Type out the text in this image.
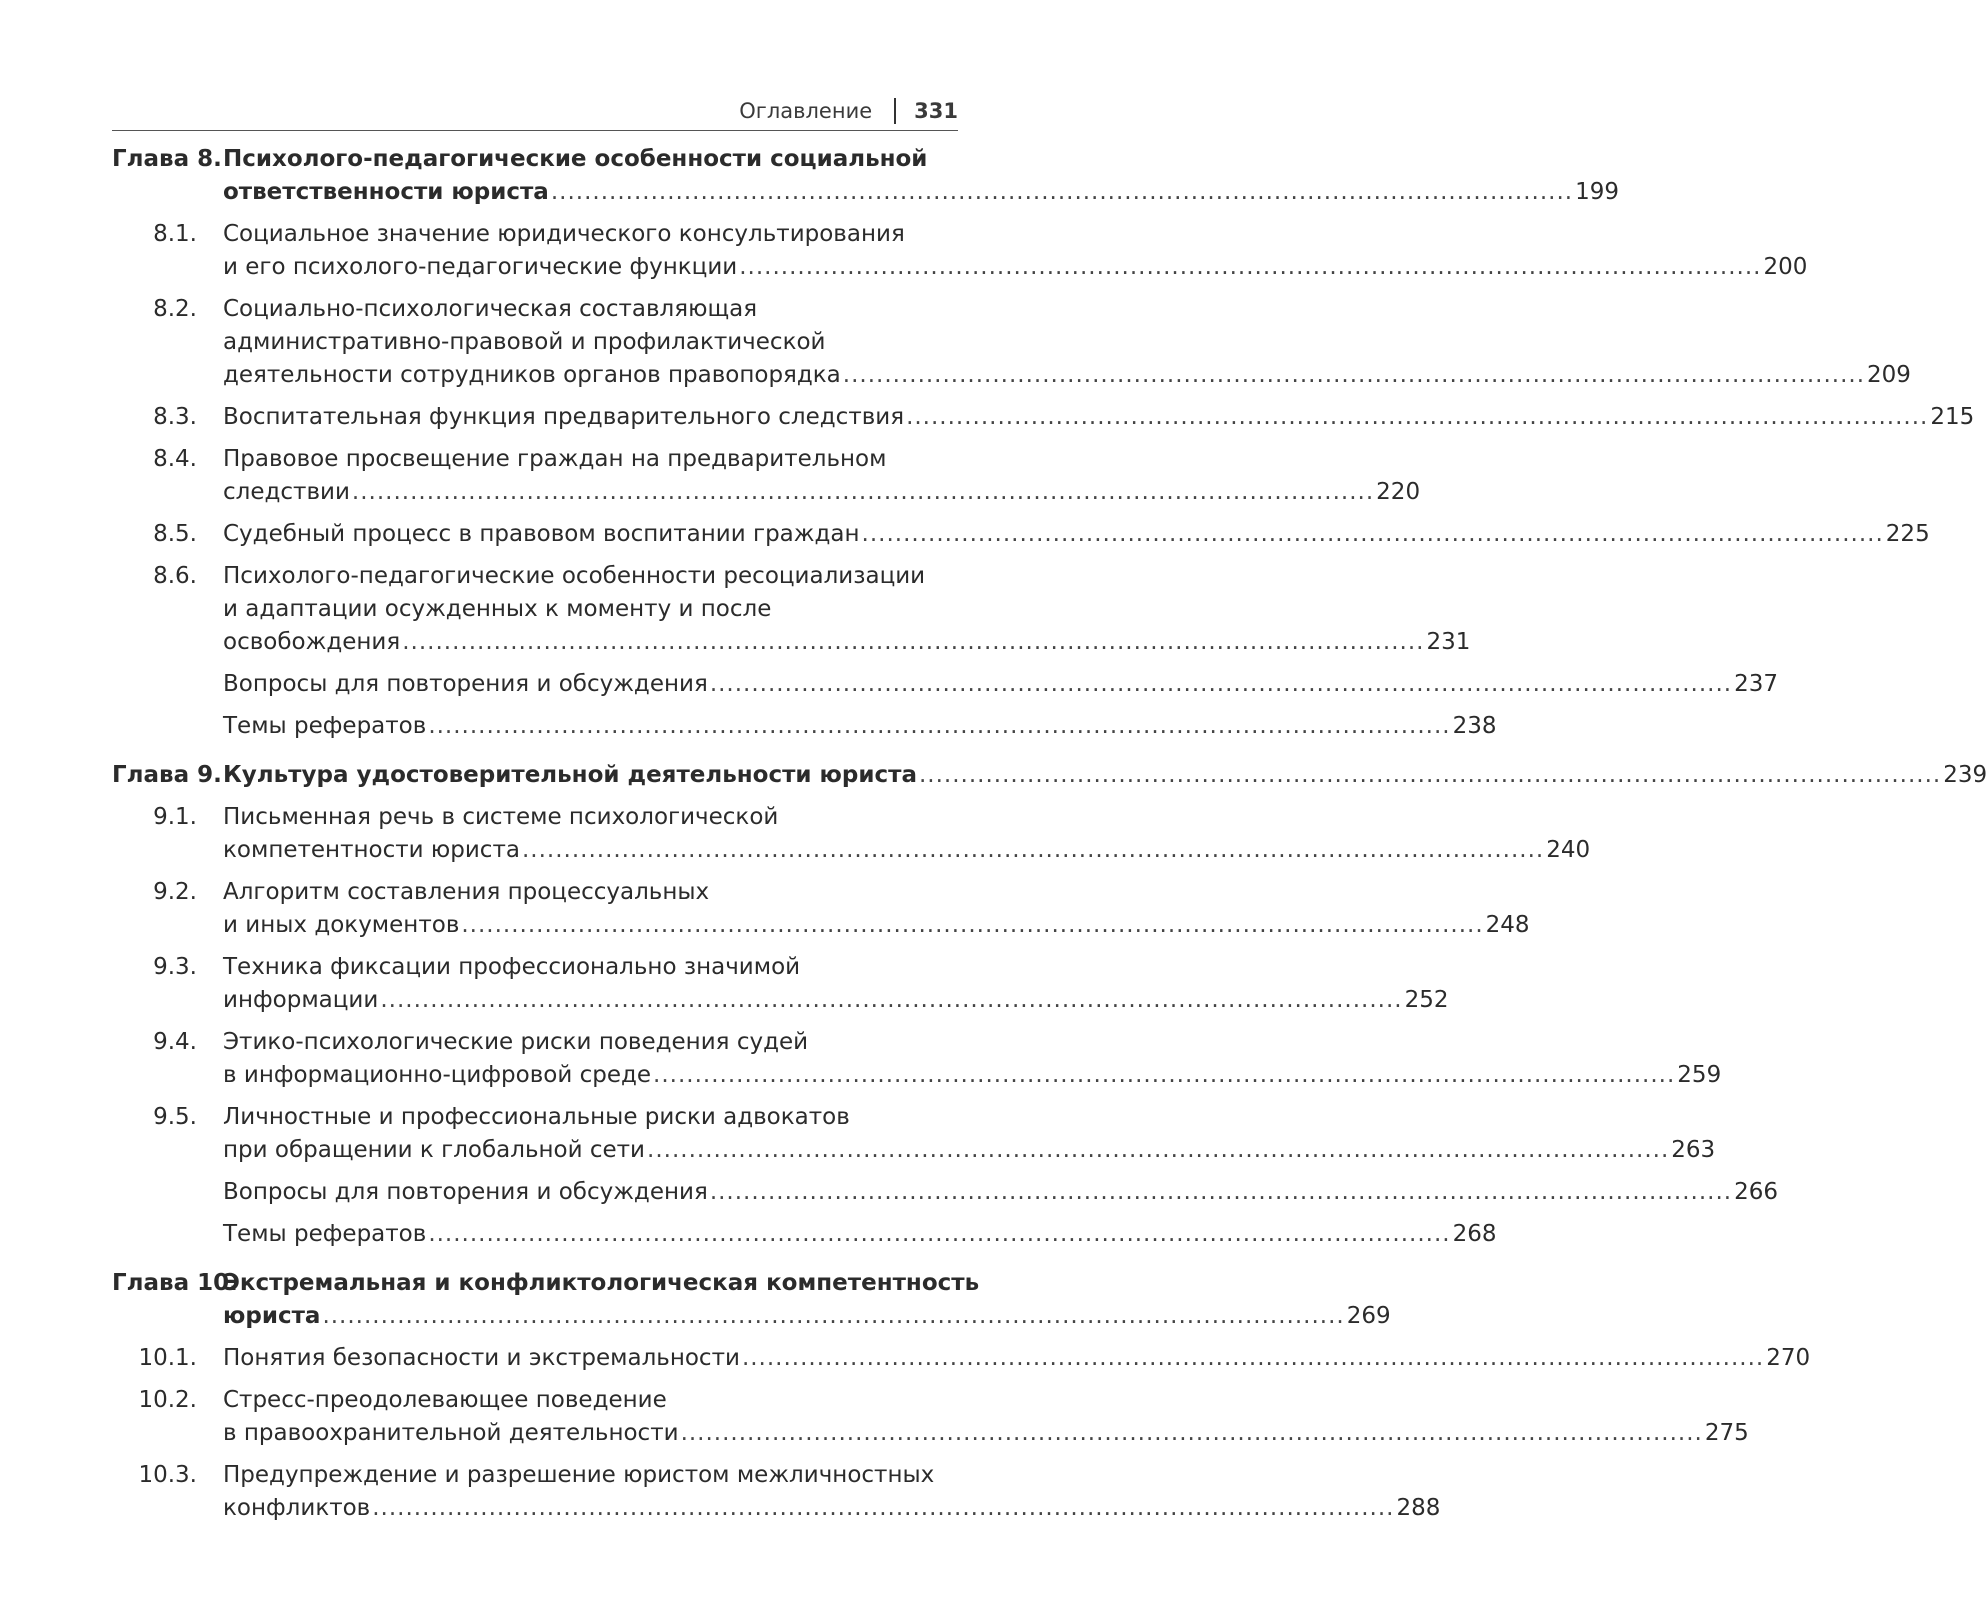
Оглавление 331
Глава 8. Психолого-педагогические особенности социальной
ответственности юриста ........................................................................................................................... 199
8.1. Социальное значение юридического консультирования
и его психолого-педагогические функции ........................................................................................................................... 200
8.2. Социально-психологическая составляющая
административно-правовой и профилактической
деятельности сотрудников органов правопорядка ........................................................................................................................... 209
8.3. Воспитательная функция предварительного следствия ........................................................................................................................... 215
8.4. Правовое просвещение граждан на предварительном
следствии ........................................................................................................................... 220
8.5. Судебный процесс в правовом воспитании граждан ........................................................................................................................... 225
8.6. Психолого-педагогические особенности ресоциализации
и адаптации осужденных к моменту и после
освобождения ........................................................................................................................... 231
Вопросы для повторения и обсуждения ........................................................................................................................... 237
Темы рефератов ........................................................................................................................... 238
Глава 9. Культура удостоверительной деятельности юриста ........................................................................................................................... 239
9.1. Письменная речь в системе психологической
компетентности юриста ........................................................................................................................... 240
9.2. Алгоритм составления процессуальных
и иных документов ........................................................................................................................... 248
9.3. Техника фиксации профессионально значимой
информации ........................................................................................................................... 252
9.4. Этико-психологические риски поведения судей
в информационно-цифровой среде ........................................................................................................................... 259
9.5. Личностные и профессиональные риски адвокатов
при обращении к глобальной сети ........................................................................................................................... 263
Вопросы для повторения и обсуждения ........................................................................................................................... 266
Темы рефератов ........................................................................................................................... 268
Глава 10.
Экстремальная и конфликтологическая компетентность
юриста ........................................................................................................................... 269
10.1. Понятия безопасности и экстремальности ........................................................................................................................... 270
10.2. Стресс-преодолевающее поведение
в правоохранительной деятельности ........................................................................................................................... 275
10.3. Предупреждение и разрешение юристом межличностных
конфликтов ........................................................................................................................... 288
